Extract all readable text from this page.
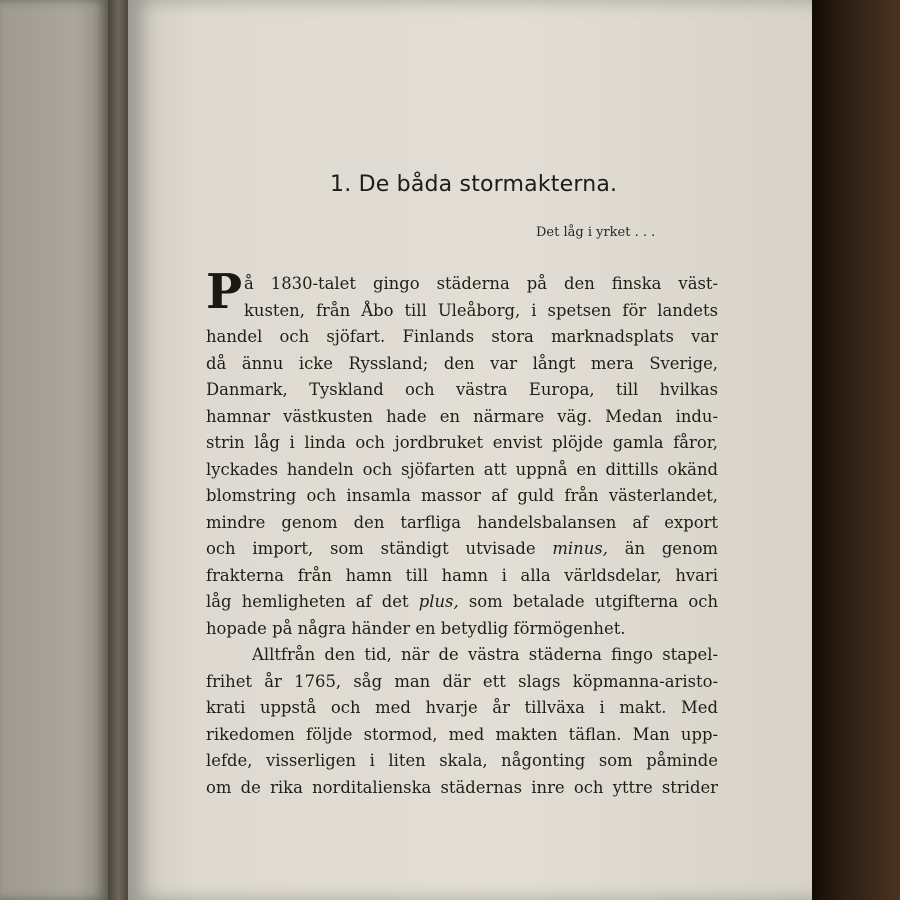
1. De båda stormakterna.
Det låg i yrket . . .
P å 1830-talet gingo städerna på den finska väst-
kusten, från Åbo till Uleåborg, i spetsen för landets
handel och sjöfart. Finlands stora marknadsplats var
då ännu icke Ryssland; den var långt mera Sverige,
Danmark, Tyskland och västra Europa, till hvilkas
hamnar västkusten hade en närmare väg. Medan indu-
strin låg i linda och jordbruket envist plöjde gamla fåror,
lyckades handeln och sjöfarten att uppnå en dittills okänd
blomstring och insamla massor af guld från västerlandet,
mindre genom den tarfliga handelsbalansen af export
och import, som ständigt utvisade minus, än genom
frakterna från hamn till hamn i alla världsdelar, hvari
låg hemligheten af det plus, som betalade utgifterna och
hopade på några händer en betydlig förmögenhet.
Alltfrån den tid, när de västra städerna fingo stapel-
frihet år 1765, såg man där ett slags köpmanna-aristo-
krati uppstå och med hvarje år tillväxa i makt. Med
rikedomen följde stormod, med makten täflan. Man upp-
lefde, visserligen i liten skala, någonting som påminde
om de rika norditalienska städernas inre och yttre strider
